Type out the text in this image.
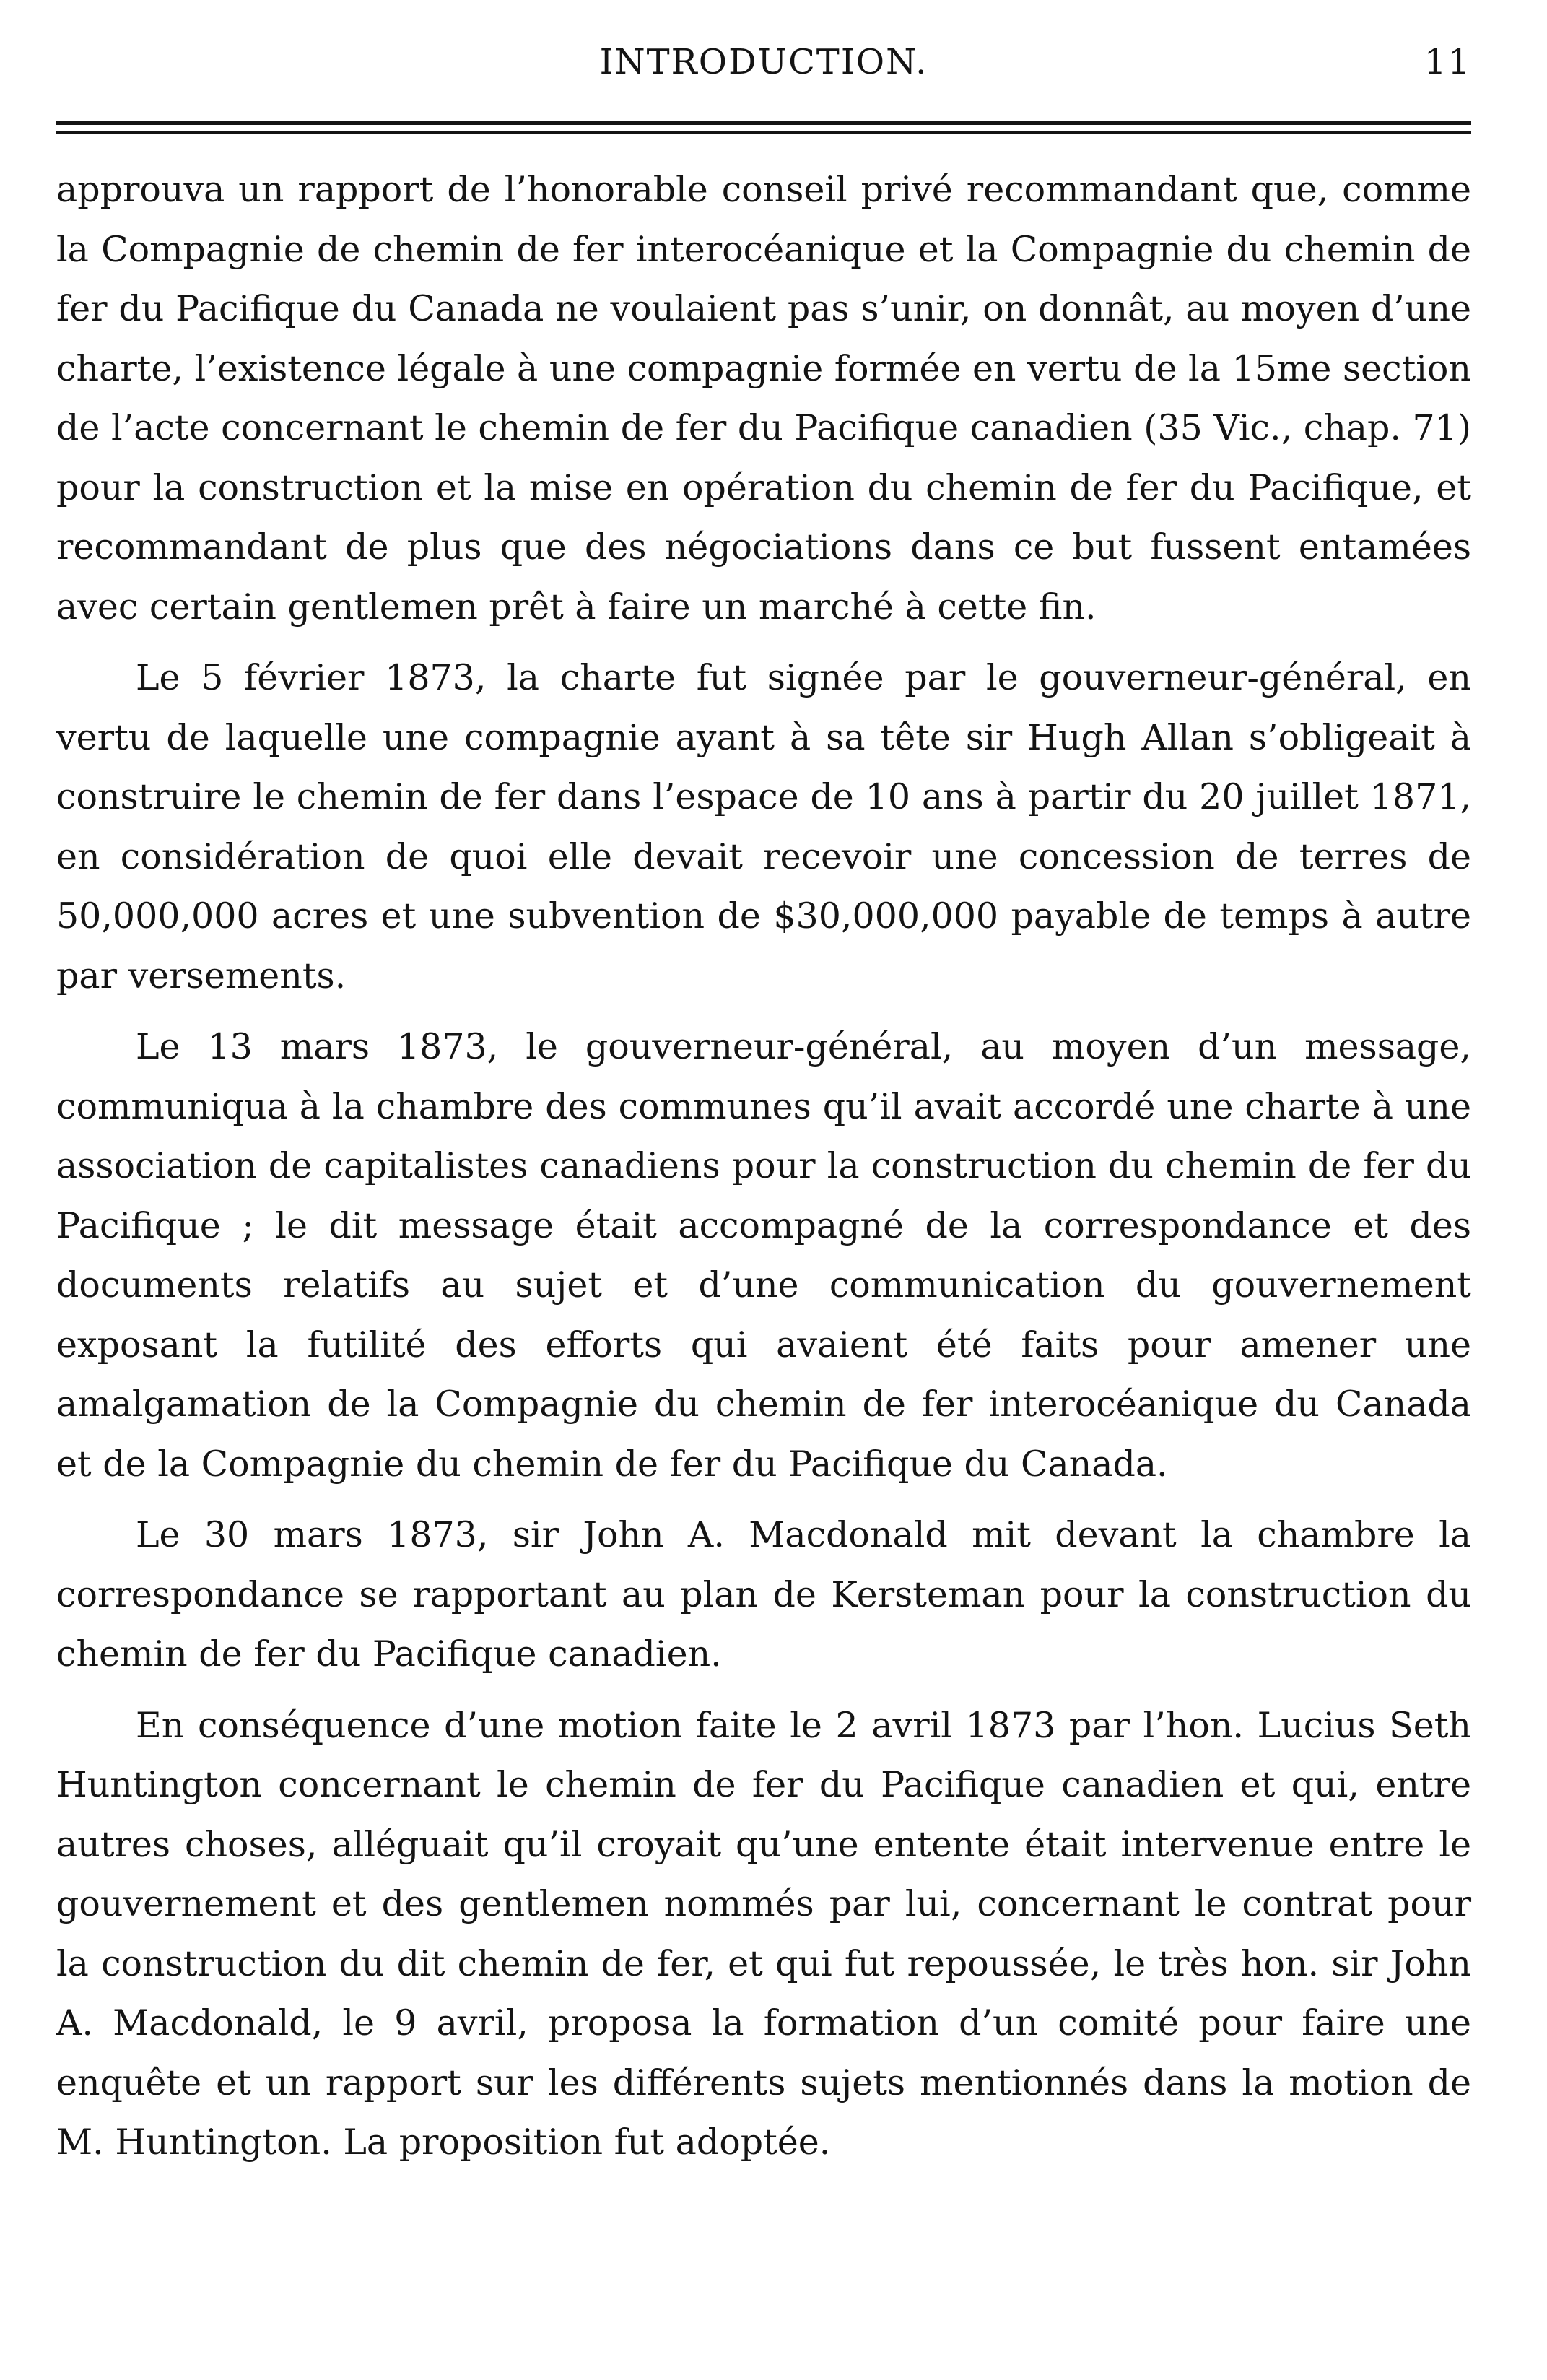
INTRODUCTION.	11

approuva un rapport de l’honorable conseil privé recommandant que, comme la Compagnie de chemin de fer interocéanique et la Compagnie du chemin de fer du Pacifique du Canada ne voulaient pas s’unir, on donnât, au moyen d’une charte, l’existence légale à une compagnie formée en vertu de la 15me section de l’acte concernant le chemin de fer du Pacifique canadien (35 Vic., chap. 71) pour la construction et la mise en opération du chemin de fer du Pacifique, et recommandant de plus que des négociations dans ce but fussent entamées avec certain gentlemen prêt à faire un marché à cette fin.

Le 5 février 1873, la charte fut signée par le gouverneur-général, en vertu de laquelle une compagnie ayant à sa tête sir Hugh Allan s’obligeait à construire le chemin de fer dans l’espace de 10 ans à partir du 20 juillet 1871, en considération de quoi elle devait recevoir une concession de terres de 50,000,000 acres et une subvention de $30,000,000 payable de temps à autre par versements.

Le 13 mars 1873, le gouverneur-général, au moyen d’un message, communiqua à la chambre des communes qu’il avait accordé une charte à une association de capitalistes canadiens pour la construction du chemin de fer du Pacifique ; le dit message était accompagné de la correspondance et des documents relatifs au sujet et d’une communication du gouvernement exposant la futilité des efforts qui avaient été faits pour amener une amalgamation de la Compagnie du chemin de fer interocéanique du Canada et de la Compagnie du chemin de fer du Pacifique du Canada.

Le 30 mars 1873, sir John A. Macdonald mit devant la chambre la correspondance se rapportant au plan de Kersteman pour la construction du chemin de fer du Pacifique canadien.

En conséquence d’une motion faite le 2 avril 1873 par l’hon. Lucius Seth Huntington concernant le chemin de fer du Pacifique canadien et qui, entre autres choses, alléguait qu’il croyait qu’une entente était intervenue entre le gouvernement et des gentlemen nommés par lui, concernant le contrat pour la construction du dit chemin de fer, et qui fut repoussée, le très hon. sir John A. Macdonald, le 9 avril, proposa la formation d’un comité pour faire une enquête et un rapport sur les différents sujets mentionnés dans la motion de M. Huntington. La proposition fut adoptée.
